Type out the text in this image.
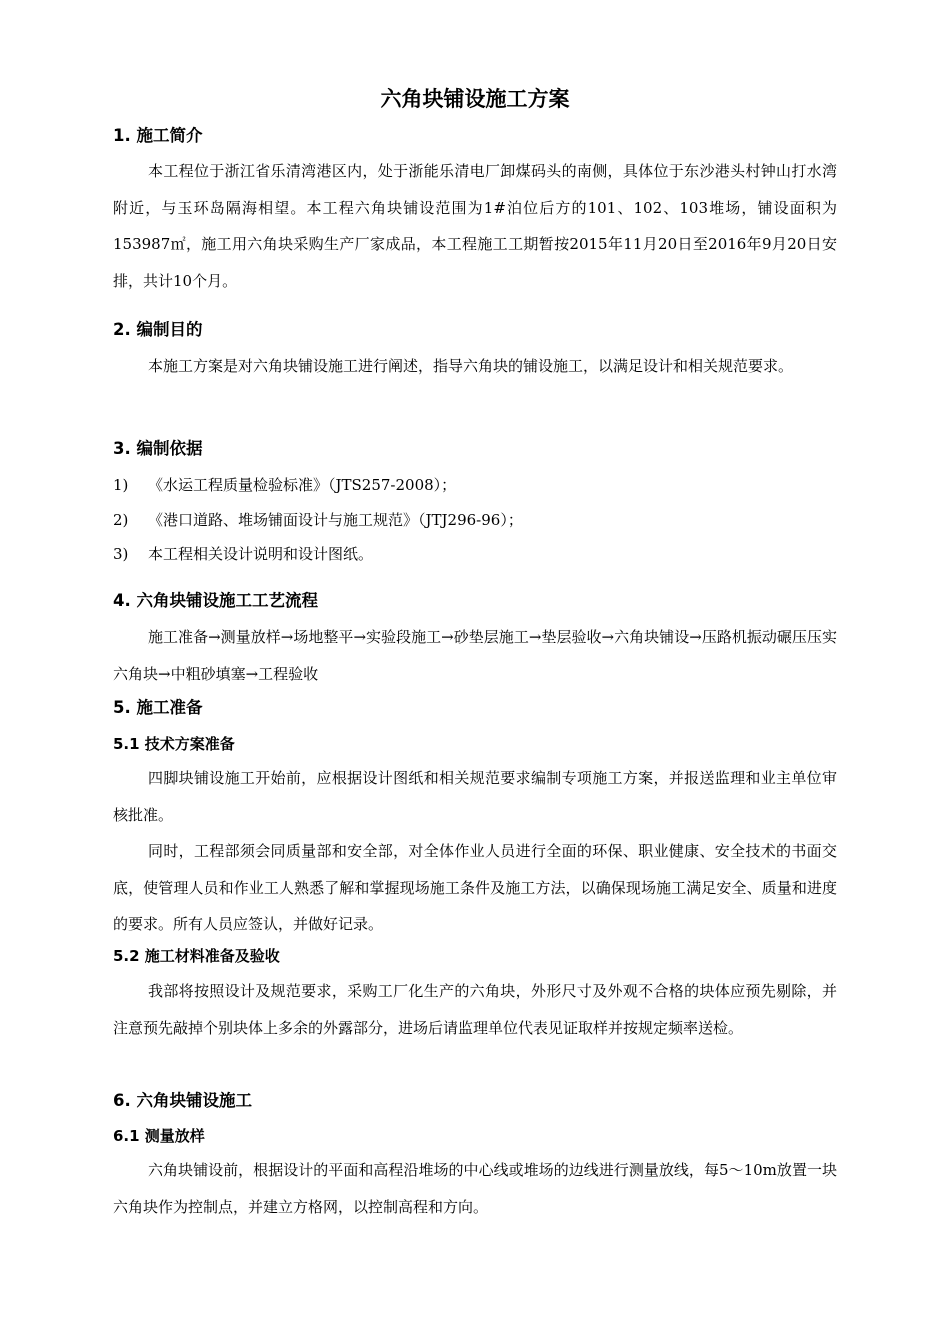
六角块铺设施工方案
1. 施工简介

本工程位于浙江省乐清湾港区内，处于浙能乐清电厂卸煤码头的南侧，具体位于东沙港头村钟山打水湾附近，与玉环岛隔海相望。本工程六角块铺设范围为1#泊位后方的101、102、103堆场，铺设面积为153987㎡，施工用六角块采购生产厂家成品，本工程施工工期暂按2015年11月20日至2016年9月20日安排，共计10个月。

2. 编制目的

本施工方案是对六角块铺设施工进行阐述，指导六角块的铺设施工，以满足设计和相关规范要求。

3. 编制依据
1) 《水运工程质量检验标准》（JTS257-2008）；
2) 《港口道路、堆场铺面设计与施工规范》（JTJ296-96）；
3) 本工程相关设计说明和设计图纸。
4. 六角块铺设施工工艺流程

施工准备→测量放样→场地整平→实验段施工→砂垫层施工→垫层验收→六角块铺设→压路机振动碾压压实六角块→中粗砂填塞→工程验收

5. 施工准备
5.1 技术方案准备

四脚块铺设施工开始前，应根据设计图纸和相关规范要求编制专项施工方案，并报送监理和业主单位审核批准。

同时，工程部须会同质量部和安全部，对全体作业人员进行全面的环保、职业健康、安全技术的书面交底，使管理人员和作业工人熟悉了解和掌握现场施工条件及施工方法，以确保现场施工满足安全、质量和进度的要求。所有人员应签认，并做好记录。

5.2 施工材料准备及验收

我部将按照设计及规范要求，采购工厂化生产的六角块，外形尺寸及外观不合格的块体应预先剔除，并注意预先敲掉个别块体上多余的外露部分，进场后请监理单位代表见证取样并按规定频率送检。

6. 六角块铺设施工
6.1 测量放样

六角块铺设前，根据设计的平面和高程沿堆场的中心线或堆场的边线进行测量放线，每5～10m放置一块六角块作为控制点，并建立方格网，以控制高程和方向。
